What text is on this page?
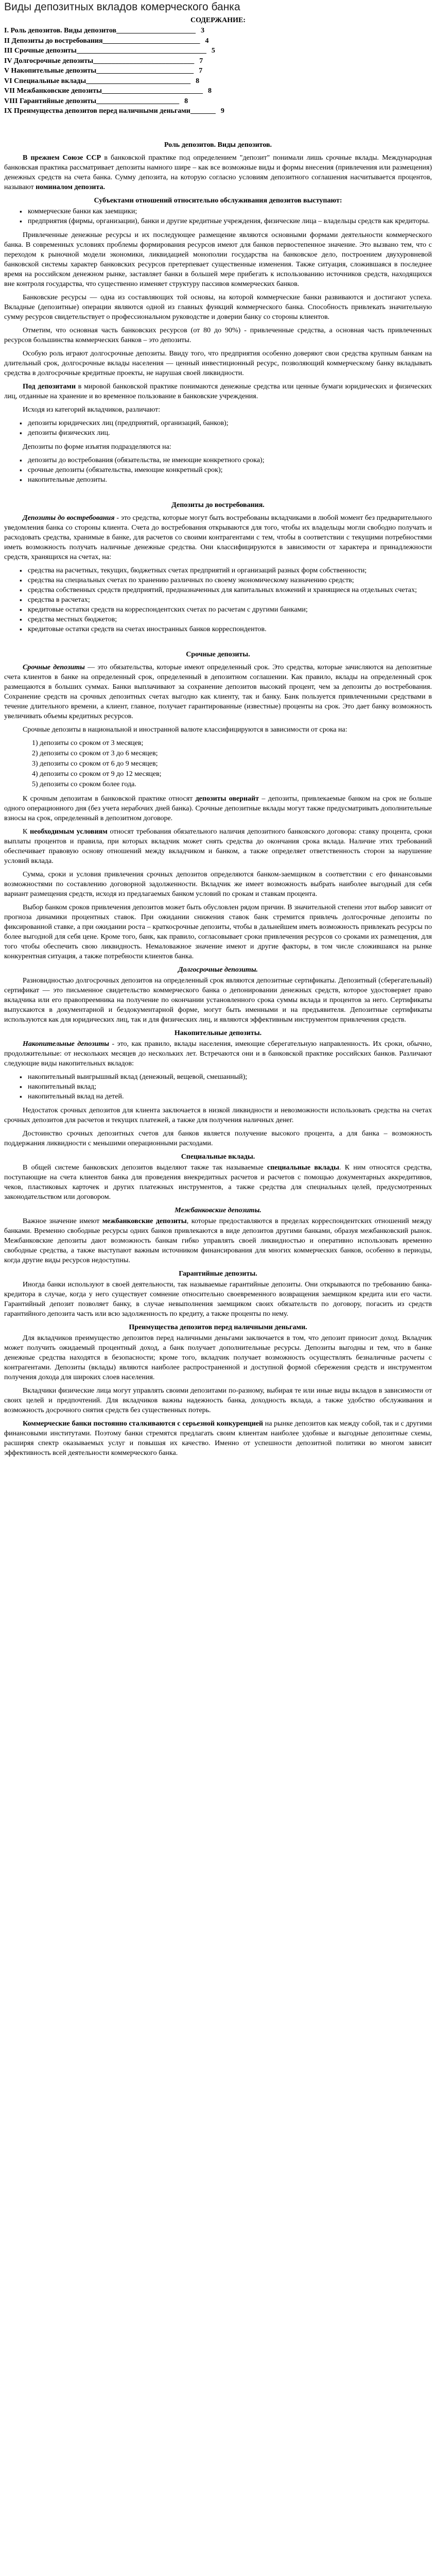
Виды депозитных вкладов комерческого банка
СОДЕРЖАНИЕ:
I. Роль депозитов. Виды депозитов______________________ 3
II Депозиты до востребования___________________________ 4
III Срочные депозиты____________________________________ 5
IV Долгосрочные депозиты____________________________ 7
V Накопительные депозиты___________________________ 7
VI Специальные вклады_____________________________ 8
VII Межбанковские депозиты____________________________ 8
VIII Гарантийные депозиты_______________________ 8
IX Преимущества депозитов перед наличными деньгами_______ 9
Роль депозитов. Виды депозитов.

В прежнем Союзе ССР в банковской практике под определением "депозит" понимали лишь срочные вклады. Международная банковская практика рассматривает депозиты намного шире – как все возможные виды и формы внесения (привлечения или размещения) денежных средств на счета банка. Сумму депозита, на которую согласно условиям депозитного соглашения насчитывается процентов, называют номиналом депозита.

Субъектами отношений относительно обслуживания депозитов выступают:
▪ коммерческие банки как заемщики;
▪ предприятия (фирмы, организации), банки и другие кредитные учреждения, физические лица – владельцы средств как кредиторы.

Привлеченные денежные ресурсы и их последующее размещение являются основными формами деятельности коммерческого банка. В современных условиях проблемы формирования ресурсов имеют для банков первостепенное значение. Это вызвано тем, что с переходом к рыночной модели экономики, ликвидацией монополии государства на банковское дело, построением двухуровневой банковской системы характер банковских ресурсов претерпевает существенные изменения. Также ситуация, сложившаяся в последнее время на российском денежном рынке, заставляет банки в большей мере прибегать к использованию источников средств, находящихся вне контроля государства, что существенно изменяет структуру пассивов коммерческих банков.

Банковские ресурсы — одна из составляющих той основы, на которой коммерческие банки развиваются и достигают успеха. Вкладные (депозитные) операции являются одной из главных функций коммерческого банка. Способность привлекать значительную сумму ресурсов свидетельствует о профессиональном руководстве и доверии банку со стороны клиентов.

Отметим, что основная часть банковских ресурсов (от 80 до 90%) - привлеченные средства, а основная часть привлеченных ресурсов большинства коммерческих банков – это депозиты.

Особую роль играют долгосрочные депозиты. Ввиду того, что предприятия особенно доверяют свои средства крупным банкам на длительный срок, долгосрочные вклады населения — ценный инвестиционный ресурс, позволяющий коммерческому банку вкладывать средства в долгосрочные кредитные проекты, не нарушая своей ликвидности.

Под депозитами в мировой банковской практике понимаются денежные средства или ценные бумаги юридических и физических лиц, отданные на хранение и во временное пользование в банковские учреждения.

Исходя из категорий вкладчиков, различают:

▪ депозиты юридических лиц (предприятий, организаций, банков);
▪ депозиты физических лиц.

Депозиты по форме изъятия подразделяются на:

▪ депозиты до востребования (обязательства, не имеющие конкретного срока);
▪ срочные депозиты (обязательства, имеющие конкретный срок);
▪ накопительные депозиты.
Депозиты до востребования.

Депозиты до востребования - это средства, которые могут быть востребованы вкладчиками в любой момент без предварительного уведомления банка со стороны клиента. Счета до востребования открываются для того, чтобы их владельцы могли свободно получать и расходовать средства, хранимые в банке, для расчетов со своими контрагентами с тем, чтобы в соответствии с текущими потребностями иметь возможность получать наличные денежные средства. Они классифицируются в зависимости от характера и принадлежности средств, хранящихся на счетах, на:

▪ средства на расчетных, текущих, бюджетных счетах предприятий и организаций разных форм собственности;
▪ средства на специальных счетах по хранению различных по своему экономическому назначению средств;
▪ средства собственных средств предприятий, предназначенных для капитальных вложений и хранящиеся на отдельных счетах;
▪ средства в расчетах;
▪ кредитовые остатки средств на корреспондентских счетах по расчетам с другими банками;
▪ средства местных бюджетов;
▪ кредитовые остатки средств на счетах иностранных банков корреспондентов.
Срочные депозиты.

Срочные депозиты — это обязательства, которые имеют определенный срок. Это средства, которые зачисляются на депозитные счета клиентов в банке на определенный срок, определенный в депозитном соглашении. Как правило, вклады на определенный срок размещаются в больших суммах. Банки выплачивают за сохранение депозитов высокий процент, чем за депозиты до востребования. Сохранение средств на срочных депозитных счетах выгодно как клиенту, так и банку. Банк пользуется привлеченными средствами в течение длительного времени, а клиент, главное, получает гарантированные (известные) проценты на срок. Это дает банку возможность увеличивать объемы кредитных ресурсов.

Срочные депозиты в национальной и иностранной валюте классифицируются в зависимости от срока на:

1) депозиты со сроком от 3 месяцев;
2) депозиты со сроком от 3 до 6 месяцев;
3) депозиты со сроком от 6 до 9 месяцев;
4) депозиты со сроком от 9 до 12 месяцев;
5) депозиты со сроком более года.

К срочным депозитам в банковской практике относят депозиты овернайт – депозиты, привлекаемые банком на срок не больше одного операционного дня (без учета нерабочих дней банка). Срочные депозитные вклады могут также предусматривать дополнительные взносы на срок, определенный в депозитном договоре.

К необходимым условиям относят требования обязательного наличия депозитного банковского договора: ставку процента, сроки выплаты процентов и правила, при которых вкладчик может снять средства до окончания срока вклада. Наличие этих требований обеспечивает правовую основу отношений между вкладчиком и банком, а также определяет ответственность сторон за нарушение условий вклада.

Сумма, сроки и условия привлечения срочных депозитов определяются банком-заемщиком в соответствии с его финансовыми возможностями по составлению договорной задолженности. Вкладчик же имеет возможность выбрать наиболее выгодный для себя вариант размещения средств, исходя из предлагаемых банком условий по срокам и ставкам процента.

Выбор банком сроков привлечения депозитов может быть обусловлен рядом причин. В значительной степени этот выбор зависит от прогноза динамики процентных ставок. При ожидании снижения ставок банк стремится привлечь долгосрочные депозиты по фиксированной ставке, а при ожидании роста – краткосрочные депозиты, чтобы в дальнейшем иметь возможность привлекать ресурсы по более выгодной для себя цене. Кроме того, банк, как правило, согласовывает сроки привлечения ресурсов со сроками их размещения, для того чтобы обеспечить свою ликвидность. Немаловажное значение имеют и другие факторы, в том числе сложившаяся на рынке конкурентная ситуация, а также потребности клиентов банка.

Долгосрочные депозиты.

Разновидностью долгосрочных депозитов на определенный срок являются депозитные сертификаты. Депозитный (сберегательный) сертификат — это письменное свидетельство коммерческого банка о депонировании денежных средств, которое удостоверяет право вкладчика или его правопреемника на получение по окончании установленного срока суммы вклада и процентов за него. Сертификаты выпускаются в документарной и бездокументарной форме, могут быть именными и на предъявителя. Депозитные сертификаты используются как для юридических лиц, так и для физических лиц, и являются эффективным инструментом привлечения средств.

Накопительные депозиты.

Накопительные депозиты - это, как правило, вклады населения, имеющие сберегательную направленность. Их сроки, обычно, продолжительные: от нескольких месяцев до нескольких лет. Встречаются они и в банковской практике российских банков. Различают следующие виды накопительных вкладов:

▪ накопительный выигрышный вклад (денежный, вещевой, смешанный);
▪ накопительный вклад;
▪ накопительный вклад на детей.

Недостаток срочных депозитов для клиента заключается в низкой ликвидности и невозможности использовать средства на счетах срочных депозитов для расчетов и текущих платежей, а также для получения наличных денег.

Достоинство срочных депозитных счетов для банков является получение высокого процента, а для банка – возможность поддержания ликвидности с меньшими операционными расходами.

Специальные вклады.

В общей системе банковских депозитов выделяют также так называемые специальные вклады. К ним относятся средства, поступающие на счета клиентов банка для проведения внекредитных расчетов и расчетов с помощью документарных аккредитивов, чеков, пластиковых карточек и других платежных инструментов, а также средства для специальных целей, предусмотренных законодательством или договором.

Межбанковские депозиты.

Важное значение имеют межбанковские депозиты, которые предоставляются в пределах корреспондентских отношений между банками. Временно свободные ресурсы одних банков привлекаются в виде депозитов другими банками, образуя межбанковский рынок. Межбанковские депозиты дают возможность банкам гибко управлять своей ликвидностью и оперативно использовать временно свободные средства, а также выступают важным источником финансирования для многих коммерческих банков, особенно в периоды, когда другие виды ресурсов недоступны.

Гарантийные депозиты.

Иногда банки используют в своей деятельности, так называемые гарантийные депозиты. Они открываются по требованию банка-кредитора в случае, когда у него существует сомнение относительно своевременного возвращения заемщиком кредита или его части. Гарантийный депозит позволяет банку, в случае невыполнения заемщиком своих обязательств по договору, погасить из средств гарантийного депозита часть или всю задолженность по кредиту, а также проценты по нему.

Преимущества депозитов перед наличными деньгами.

Для вкладчиков преимущество депозитов перед наличными деньгами заключается в том, что депозит приносит доход. Вкладчик может получить ожидаемый процентный доход, а банк получает дополнительные ресурсы. Депозиты выгодны и тем, что в банке денежные средства находятся в безопасности; кроме того, вкладчик получает возможность осуществлять безналичные расчеты с контрагентами. Депозиты (вклады) являются наиболее распространенной и доступной формой сбережения средств и инструментом получения дохода для широких слоев населения.

Вкладчики физические лица могут управлять своими депозитами по-разному, выбирая те или иные виды вкладов в зависимости от своих целей и предпочтений. Для вкладчиков важны надежность банка, доходность вклада, а также удобство обслуживания и возможность досрочного снятия средств без существенных потерь.

Коммерческие банки постоянно сталкиваются с серьезной конкуренцией на рынке депозитов как между собой, так и с другими финансовыми институтами. Поэтому банки стремятся предлагать своим клиентам наиболее удобные и выгодные депозитные схемы, расширяя спектр оказываемых услуг и повышая их качество. Именно от успешности депозитной политики во многом зависит эффективность всей деятельности коммерческого банка.
